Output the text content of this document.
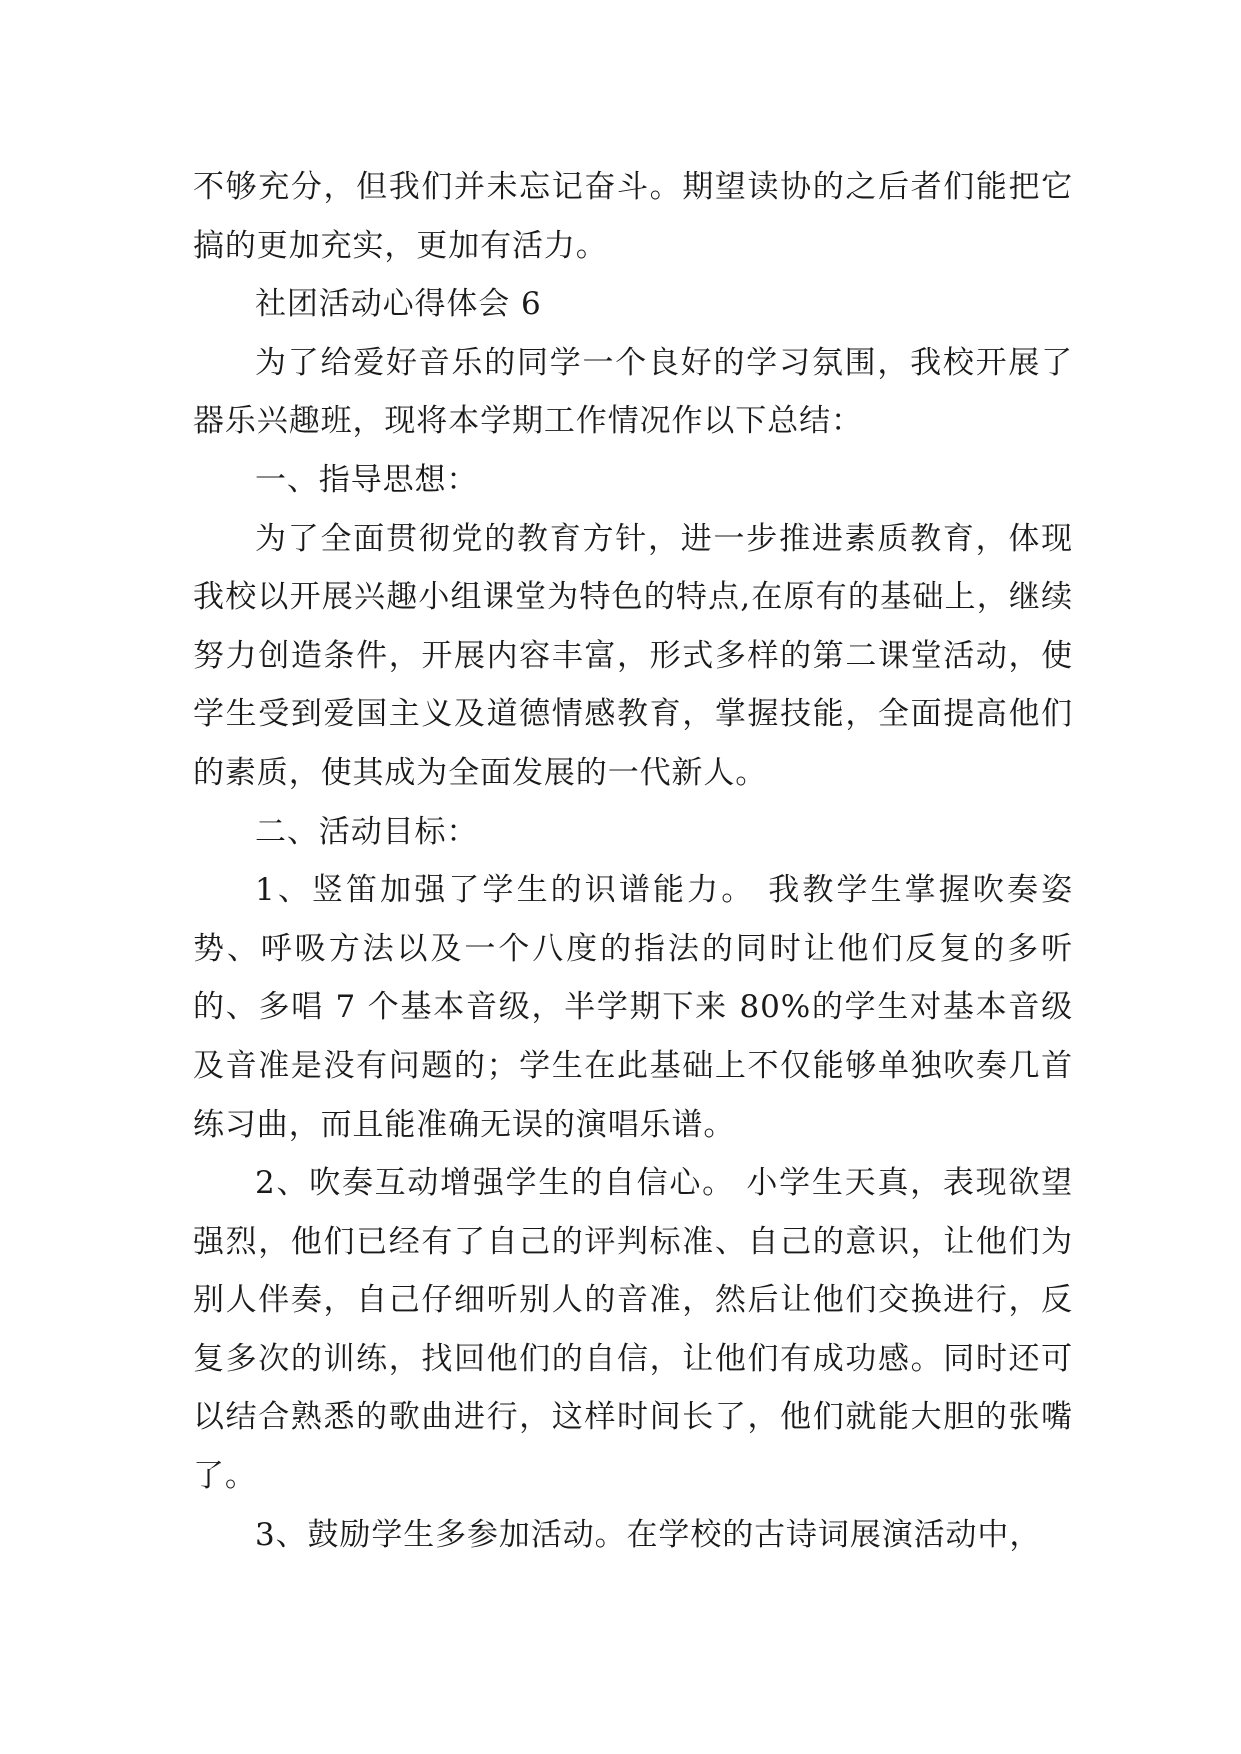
不够充分，但我们并未忘记奋斗。期望读协的之后者们能把它搞的更加充实，更加有活力。

社团活动心得体会 6

为了给爱好音乐的同学一个良好的学习氛围，我校开展了器乐兴趣班，现将本学期工作情况作以下总结：

一、指导思想：

为了全面贯彻党的教育方针，进一步推进素质教育，体现我校以开展兴趣小组课堂为特色的特点,在原有的基础上，继续努力创造条件，开展内容丰富，形式多样的第二课堂活动，使学生受到爱国主义及道德情感教育，掌握技能，全面提高他们的素质，使其成为全面发展的一代新人。

二、活动目标：

1、竖笛加强了学生的识谱能力。 我教学生掌握吹奏姿势、呼吸方法以及一个八度的指法的同时让他们反复的多听的、多唱 7 个基本音级，半学期下来 80%的学生对基本音级及音准是没有问题的；学生在此基础上不仅能够单独吹奏几首练习曲，而且能准确无误的演唱乐谱。

2、吹奏互动增强学生的自信心。 小学生天真，表现欲望强烈，他们已经有了自己的评判标准、自己的意识，让他们为别人伴奏，自己仔细听别人的音准，然后让他们交换进行，反复多次的训练，找回他们的自信，让他们有成功感。同时还可以结合熟悉的歌曲进行，这样时间长了，他们就能大胆的张嘴了。

3、鼓励学生多参加活动。在学校的古诗词展演活动中，
